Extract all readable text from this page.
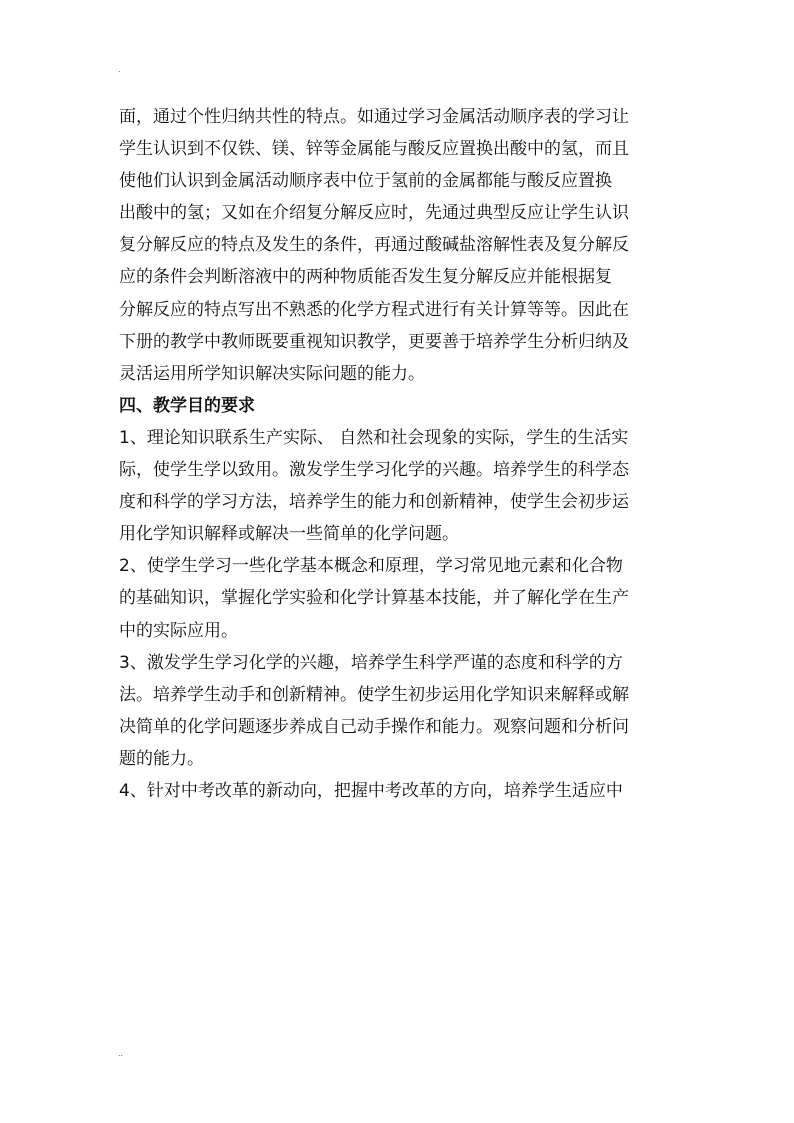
.
面，通过个性归纳共性的特点。如通过学习金属活动顺序表的学习让
学生认识到不仅铁、镁、锌等金属能与酸反应置换出酸中的氢，而且
使他们认识到金属活动顺序表中位于氢前的金属都能与酸反应置换
出酸中的氢；又如在介绍复分解反应时，先通过典型反应让学生认识
复分解反应的特点及发生的条件，再通过酸碱盐溶解性表及复分解反
应的条件会判断溶液中的两种物质能否发生复分解反应并能根据复
分解反应的特点写出不熟悉的化学方程式进行有关计算等等。因此在
下册的教学中教师既要重视知识教学，更要善于培养学生分析归纳及
灵活运用所学知识解决实际问题的能力。
四、教学目的要求
1、理论知识联系生产实际、 自然和社会现象的实际，学生的生活实
际，使学生学以致用。激发学生学习化学的兴趣。培养学生的科学态
度和科学的学习方法，培养学生的能力和创新精神，使学生会初步运
用化学知识解释或解决一些简单的化学问题。
2、使学生学习一些化学基本概念和原理，学习常见地元素和化合物
的基础知识，掌握化学实验和化学计算基本技能，并了解化学在生产
中的实际应用。
3、激发学生学习化学的兴趣，培养学生科学严谨的态度和科学的方
法。培养学生动手和创新精神。使学生初步运用化学知识来解释或解
决简单的化学问题逐步养成自己动手操作和能力。观察问题和分析问
题的能力。
4、针对中考改革的新动向，把握中考改革的方向，培养学生适应中
..
